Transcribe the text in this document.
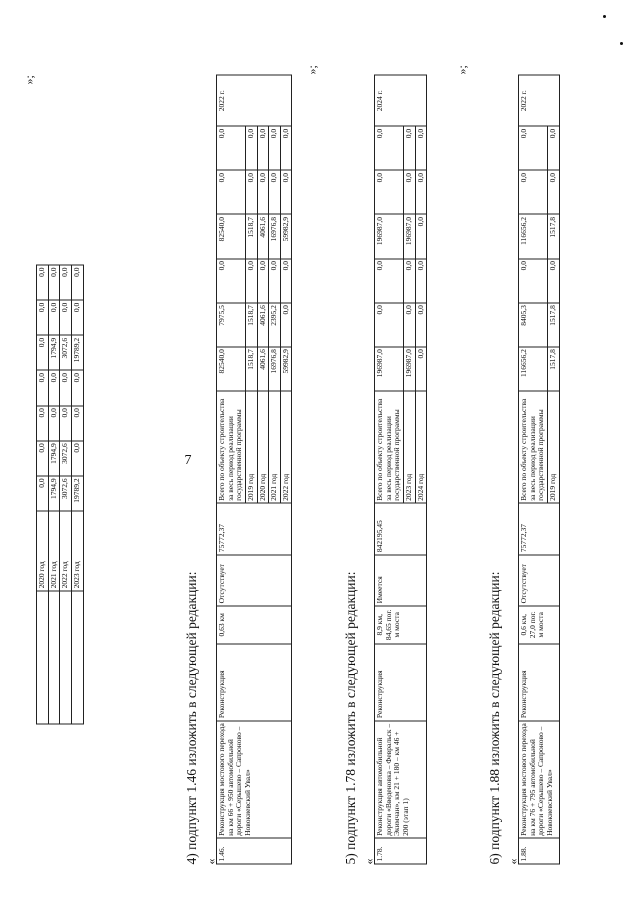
7
	2020 год	0,0	0,0	0,0	0,0	0,0	0,0	0,0
	2021 год	1794,9	1794,9	0,0	0,0	1794,9	0,0	0,0
	2022 год	3072,6	3072,6	0,0	0,0	3072,6	0,0	0,0
	2023 год	19789,2	0,0	0,0	0,0	19789,2	0,0	0,0
»;
4) подпункт 1.46 изложить в следующей редакции: « 1.46.	Реконструкция мостового перехода на км 66 + 950 автомобильной дороги «Серышево – Сапроново – Новокиевский Увал»	Реконструкция	0,63 км	Отсутствует	75772,37	Всего по объекту строительства за весь период реализации государственной программы	82540,0	7975,5	0,0	82540,0	0,0	0,0	2022 г.
						2019 год	1518,7	1518,7	0,0	1518,7	0,0	0,0	
						2020 год	4061,6	4061,6	0,0	4061,6	0,0	0,0	
						2021 год	16976,8	2395,2	0,0	16976,8	0,0	0,0	
						2022 год	59982,9	0,0	0,0	59982,9	0,0	0,0	
»;
5) подпункт 1.78 изложить в следующей редакции: « 1.78.	Реконструкция автомобильной дороги «Введеновка – Февральск – Экимчан», км 21 + 180 – км 46 + 200 (этап 1)	Реконструкция	8,9 км, 84,65 пог. м моста	Имеется	842195,45	Всего по объекту строительства за весь период реализации государственной программы	196987,0	0,0	0,0	196987,0	0,0	0,0	2024 г.
						2023 год	196987,0	0,0	0,0	196987,0	0,0	0,0	
						2024 год	0,0	0,0	0,0	0,0	0,0	0,0	
»;
6) подпункт 1.88 изложить в следующей редакции: « 1.88.	Реконструкция мостового перехода на км 76 + 795 автомобильной дороги «Серышево – Сапроново – Новокиевский Увал»	Реконструкция	0,6 км, 27,0 пог. м моста	Отсутствует	75772,37	Всего по объекту строительства за весь период реализации государственной программы	116656,2	8405,3	0,0	116656,2	0,0	0,0	2022 г.
						2019 год	1517,8	1517,8	0,0	1517,8	0,0	0,0	
